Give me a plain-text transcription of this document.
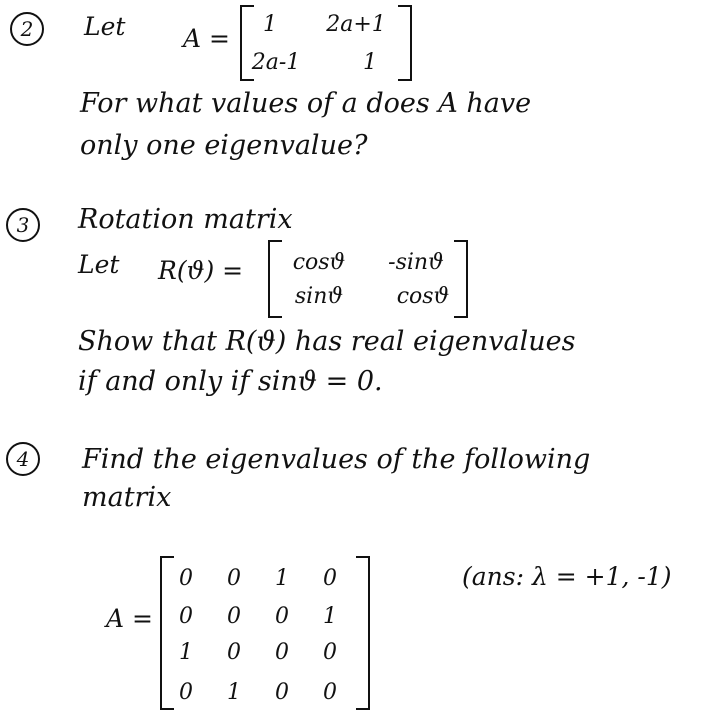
2	Let A =	1	2a+1
2a-1	1
For what values of a does A have
only one eigenvalue?
3	Rotation matrix
Let R(ϑ) =	cosϑ	-sinϑ
sinϑ	cosϑ
Show that R(ϑ) has real eigenvalues
if and only if sinϑ = 0.
4	Find the eigenvalues of the following
matrix
A =
0	0	1	0
0	0	0	1
1	0	0	0
0	1	0	0
(ans: λ = +1, -1)
